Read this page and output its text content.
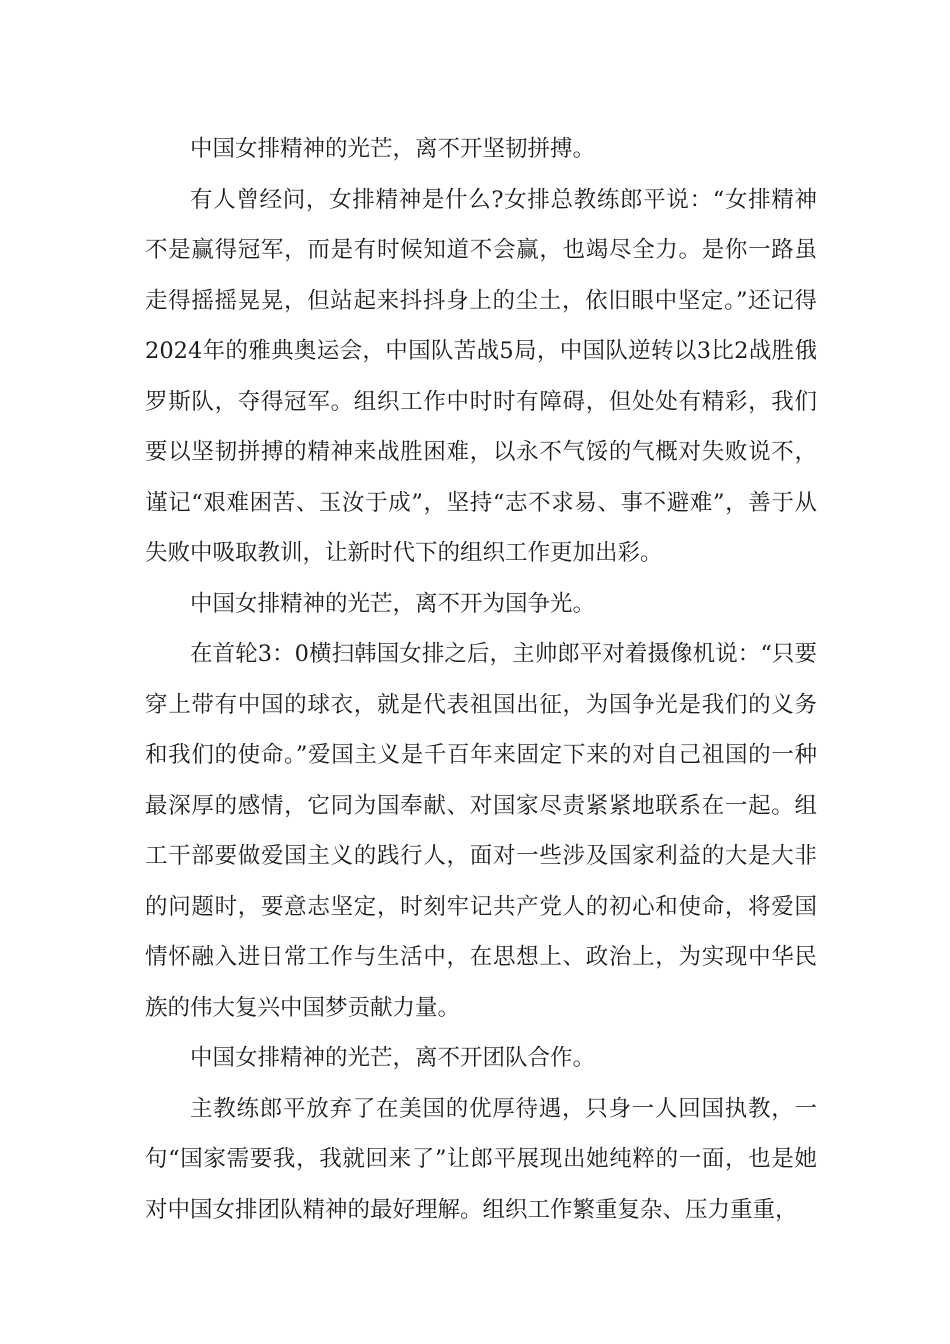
中国女排精神的光芒，离不开坚韧拼搏。

有人曾经问，女排精神是什么?女排总教练郎平说：“女排精神不是赢得冠军，而是有时候知道不会赢，也竭尽全力。是你一路虽走得摇摇晃晃，但站起来抖抖身上的尘土，依旧眼中坚定。”还记得2024年的雅典奥运会，中国队苦战5局，中国队逆转以3比2战胜俄罗斯队，夺得冠军。组织工作中时时有障碍，但处处有精彩，我们要以坚韧拼搏的精神来战胜困难，以永不气馁的气概对失败说不，谨记“艰难困苦、玉汝于成”，坚持“志不求易、事不避难”，善于从失败中吸取教训，让新时代下的组织工作更加出彩。

中国女排精神的光芒，离不开为国争光。

在首轮3：0横扫韩国女排之后，主帅郎平对着摄像机说：“只要穿上带有中国的球衣，就是代表祖国出征，为国争光是我们的义务和我们的使命。”爱国主义是千百年来固定下来的对自己祖国的一种最深厚的感情，它同为国奉献、对国家尽责紧紧地联系在一起。组工干部要做爱国主义的践行人，面对一些涉及国家利益的大是大非的问题时，要意志坚定，时刻牢记共产党人的初心和使命，将爱国情怀融入进日常工作与生活中，在思想上、政治上，为实现中华民族的伟大复兴中国梦贡献力量。

中国女排精神的光芒，离不开团队合作。

主教练郎平放弃了在美国的优厚待遇，只身一人回国执教，一句“国家需要我，我就回来了”让郎平展现出她纯粹的一面，也是她对中国女排团队精神的最好理解。组织工作繁重复杂、压力重重，
